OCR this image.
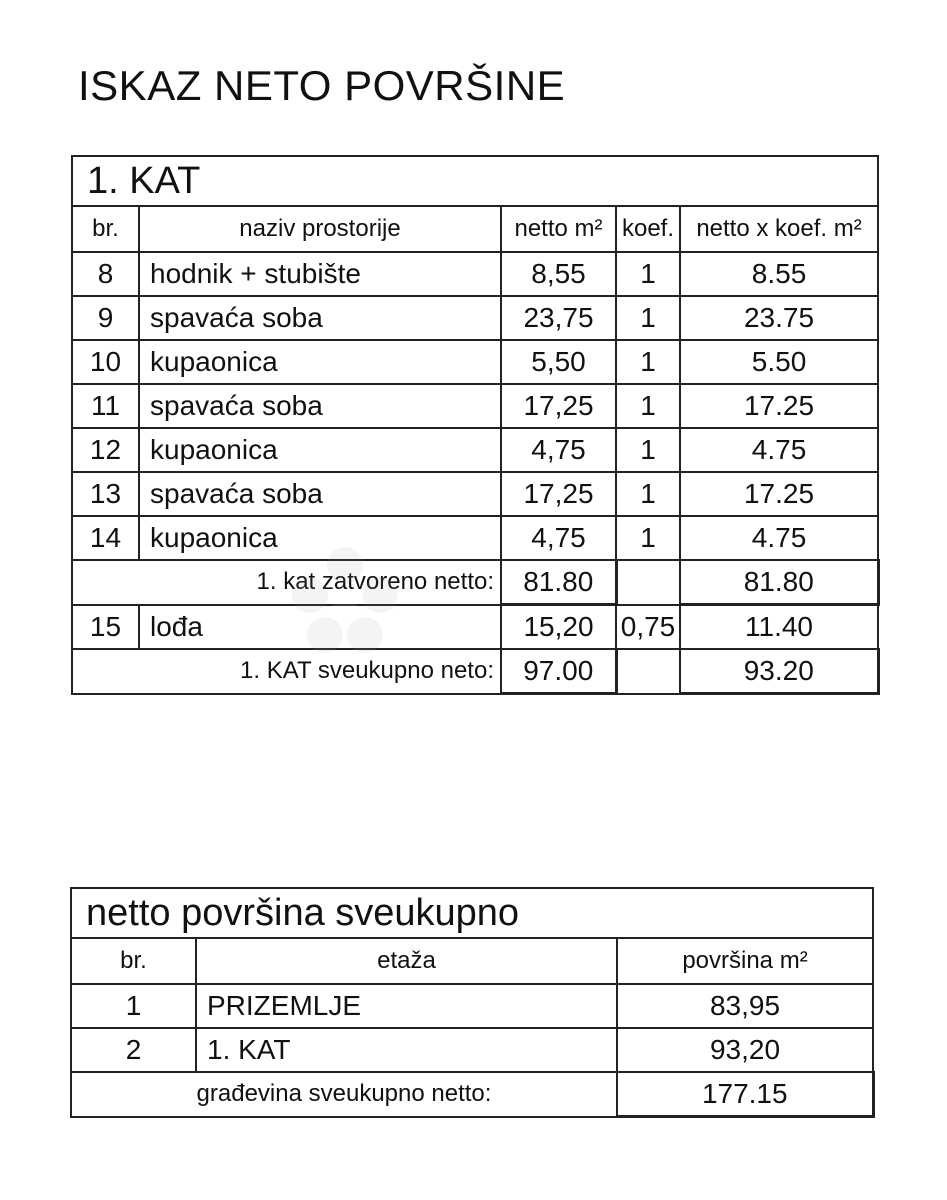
ISKAZ NETO POVRŠINE
1. KAT				
br.	naziv prostorije	netto m²	koef.	netto x koef. m²
8	hodnik + stubište	8,55	1	8.55
9	spavaća soba	23,75	1	23.75
10	kupaonica	5,50	1	5.50
11	spavaća soba	17,25	1	17.25
12	kupaonica	4,75	1	4.75
13	spavaća soba	17,25	1	17.25
14	kupaonica	4,75	1	4.75
1. kat zatvoreno netto:		81.80		81.80
15	lođa	15,20	0,75	11.40
1. KAT sveukupno neto:		97.00		93.20
netto površina sveukupno		
br.	etaža	površina m²
1	PRIZEMLJE	83,95
2	1. KAT	93,20
građevina sveukupno netto:		177.15
